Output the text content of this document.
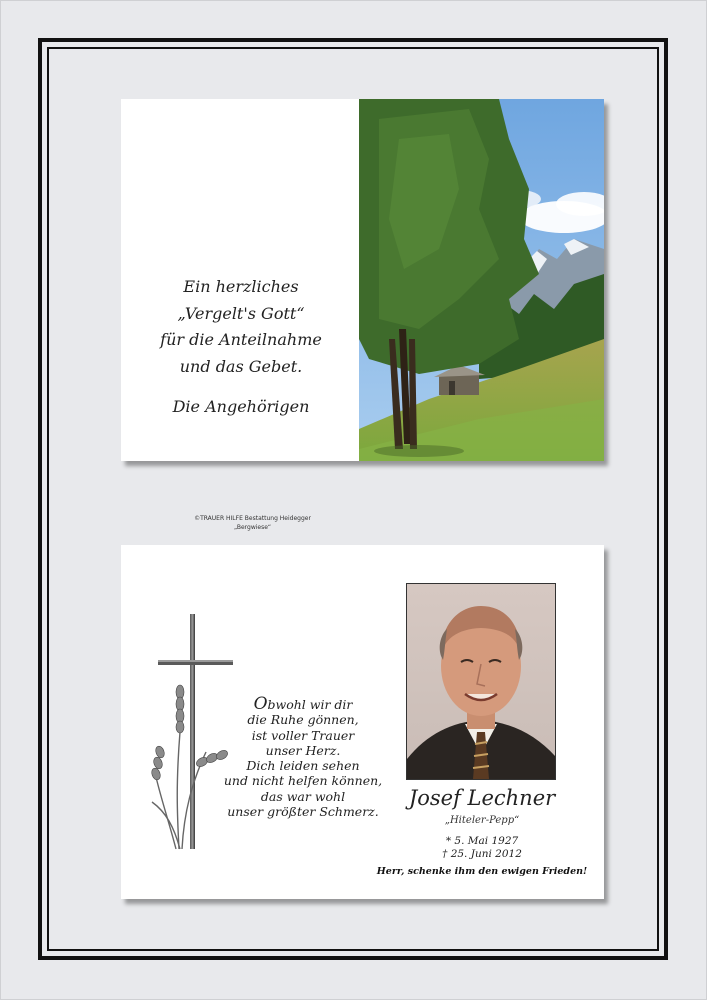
Ein herzliches
„Vergelt's Gott“
für die Anteilnahme
und das Gebet.
Die Angehörigen
©TRAUER HILFE Bestattung Heidegger
„Bergwiese“
Obwohl wir dir
die Ruhe gönnen,
ist voller Trauer
unser Herz.
Dich leiden sehen
und nicht helfen können,
das war wohl
unser größter Schmerz.
Josef Lechner
„Hiteler-Pepp“
* 5. Mai 1927
† 25. Juni 2012
Herr, schenke ihm den ewigen Frieden!
